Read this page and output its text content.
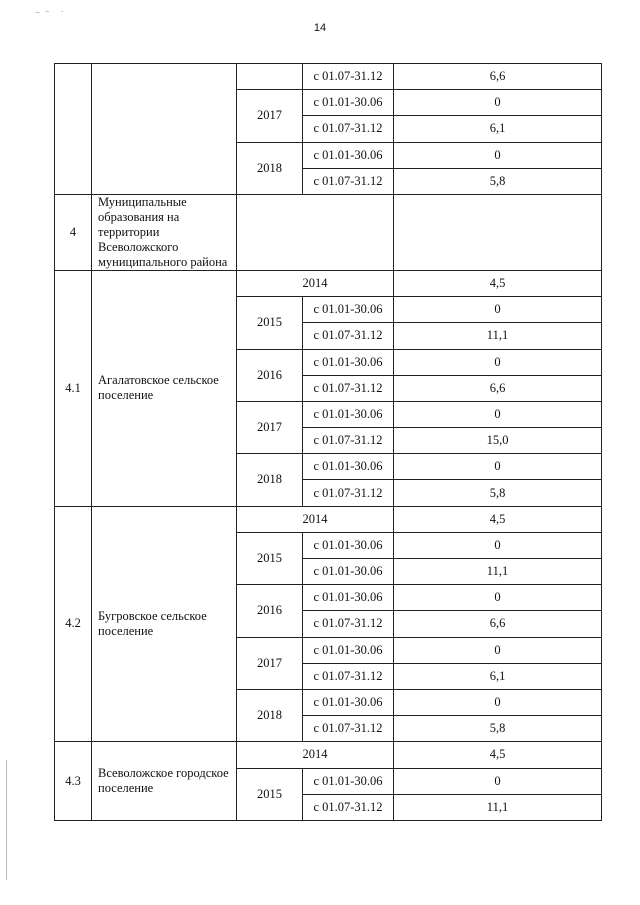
– ̶ ·
14
			с 01.07-31.12	6,6
		2017	с 01.01-30.06	0
			с 01.07-31.12	6,1
		2018	с 01.01-30.06	0
			с 01.07-31.12	5,8
4	Муниципальные образования на территории Всеволожского муниципального района			
4.1	Агалатовское сельское поселение	2014		4,5
		2015	с 01.01-30.06	0
			с 01.07-31.12	11,1
		2016	с 01.01-30.06	0
			с 01.07-31.12	6,6
		2017	с 01.01-30.06	0
			с 01.07-31.12	15,0
		2018	с 01.01-30.06	0
			с 01.07-31.12	5,8
4.2	Бугровское сельское поселение	2014		4,5
		2015	с 01.01-30.06	0
			с 01.01-30.06	11,1
		2016	с 01.01-30.06	0
			с 01.07-31.12	6,6
		2017	с 01.01-30.06	0
			с 01.07-31.12	6,1
		2018	с 01.01-30.06	0
			с 01.07-31.12	5,8
4.3	Всеволожское городское поселение	2014		4,5
		2015	с 01.01-30.06	0
			с 01.07-31.12	11,1
